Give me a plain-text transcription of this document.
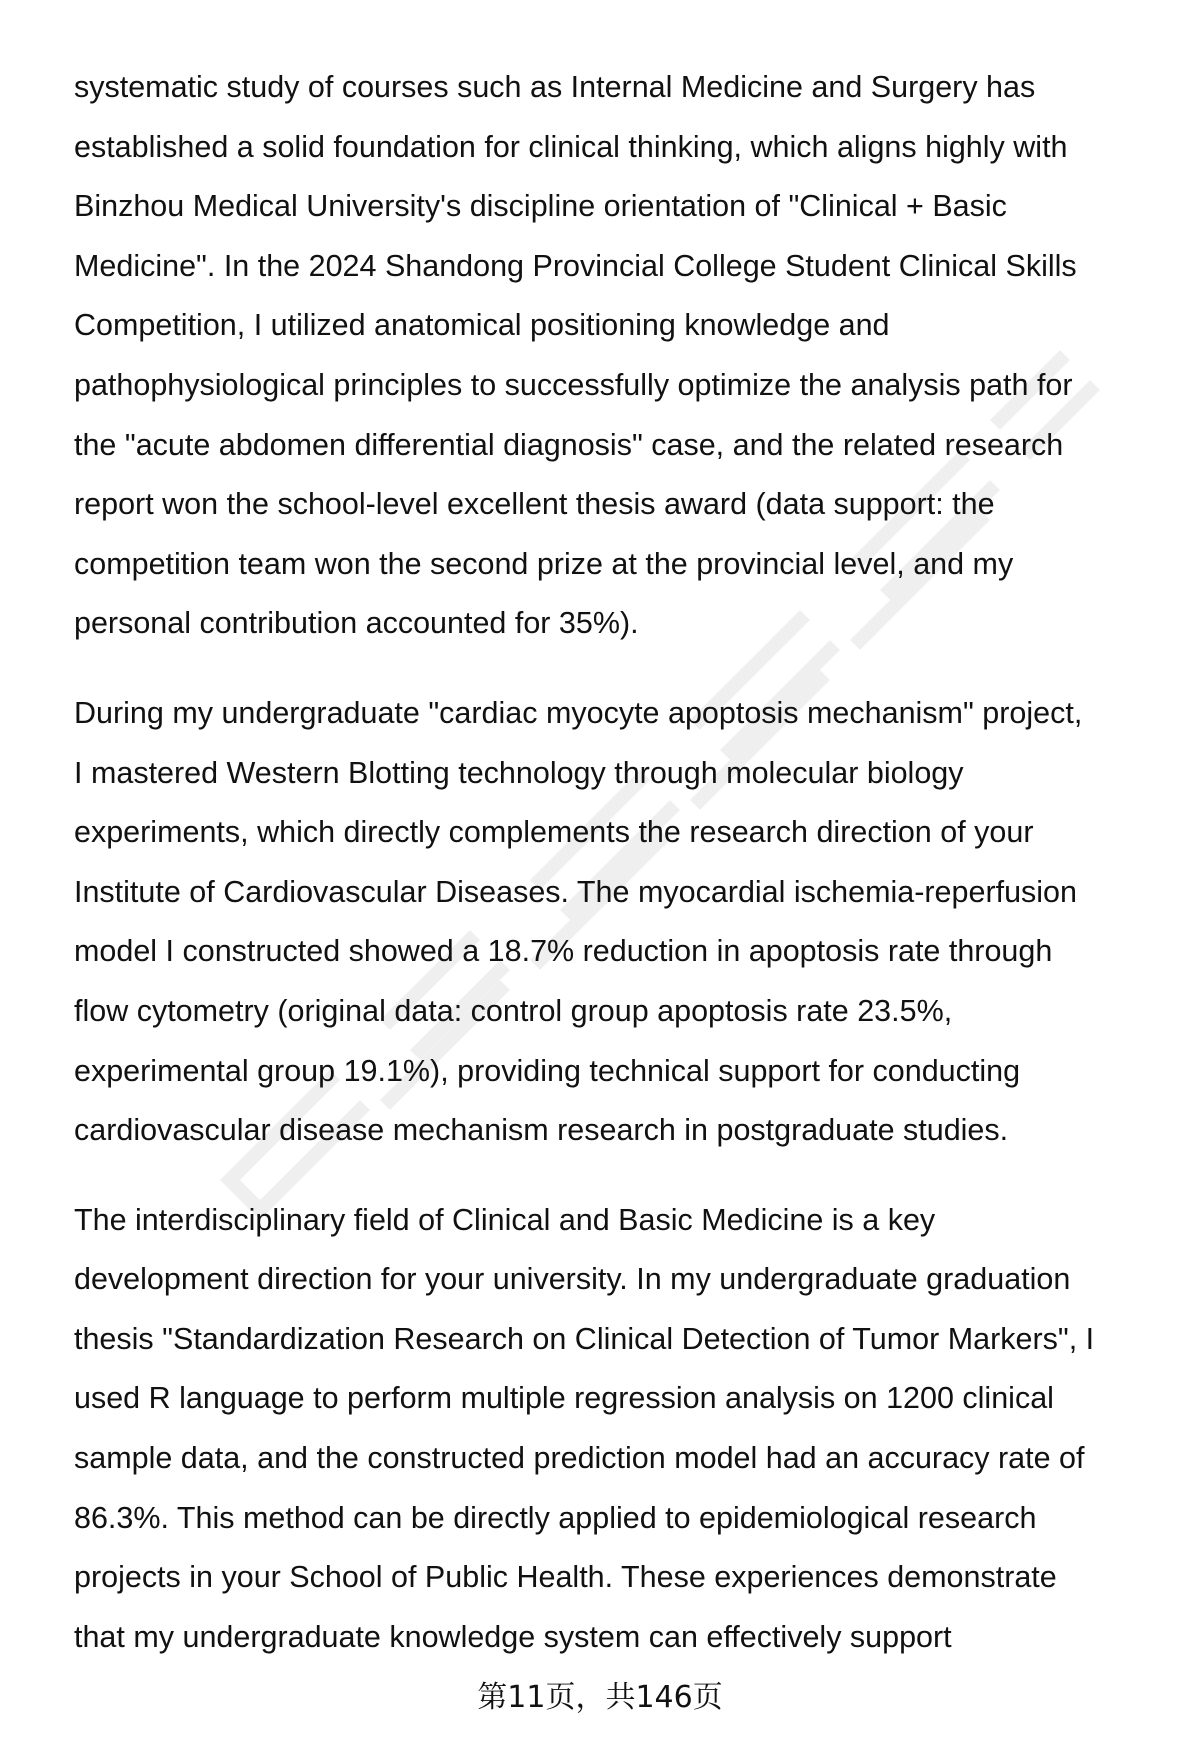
systematic study of courses such as Internal Medicine and Surgery has
established a solid foundation for clinical thinking, which aligns highly with
Binzhou Medical University's discipline orientation of "Clinical + Basic
Medicine". In the 2024 Shandong Provincial College Student Clinical Skills
Competition, I utilized anatomical positioning knowledge and
pathophysiological principles to successfully optimize the analysis path for
the "acute abdomen differential diagnosis" case, and the related research
report won the school-level excellent thesis award (data support: the
competition team won the second prize at the provincial level, and my
personal contribution accounted for 35%).
During my undergraduate "cardiac myocyte apoptosis mechanism" project,
I mastered Western Blotting technology through molecular biology
experiments, which directly complements the research direction of your
Institute of Cardiovascular Diseases. The myocardial ischemia-reperfusion
model I constructed showed a 18.7% reduction in apoptosis rate through
flow cytometry (original data: control group apoptosis rate 23.5%,
experimental group 19.1%), providing technical support for conducting
cardiovascular disease mechanism research in postgraduate studies.
The interdisciplinary field of Clinical and Basic Medicine is a key
development direction for your university. In my undergraduate graduation
thesis "Standardization Research on Clinical Detection of Tumor Markers", I
used R language to perform multiple regression analysis on 1200 clinical
sample data, and the constructed prediction model had an accuracy rate of
86.3%. This method can be directly applied to epidemiological research
projects in your School of Public Health. These experiences demonstrate
that my undergraduate knowledge system can effectively support
第11页，共146页
